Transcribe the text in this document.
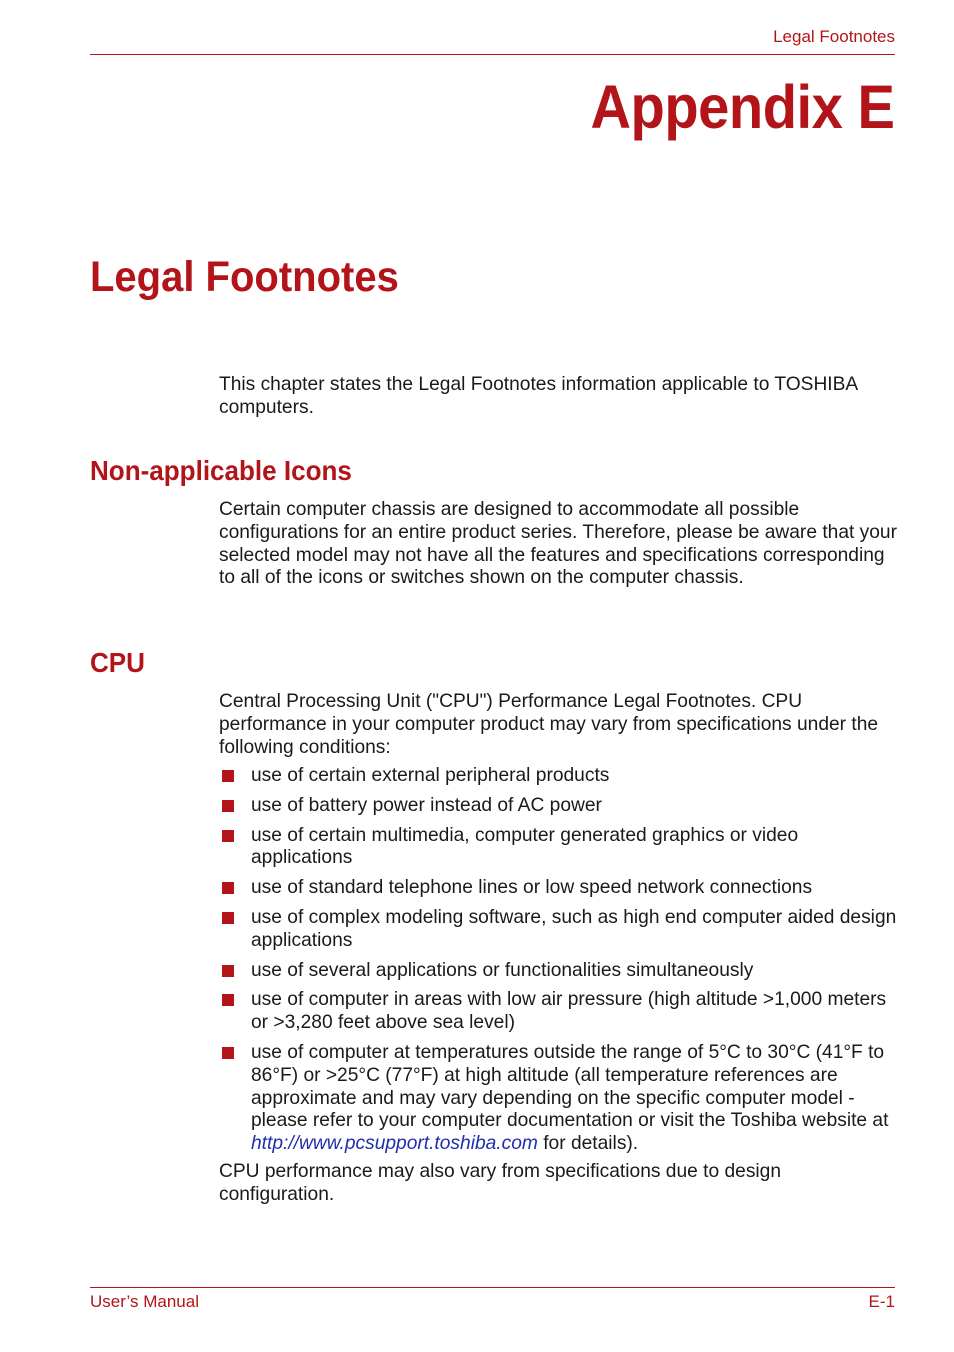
Legal Footnotes
Appendix E
Legal Footnotes
This chapter states the Legal Footnotes information applicable to TOSHIBA computers.
Non-applicable Icons
Certain computer chassis are designed to accommodate all possible configurations for an entire product series. Therefore, please be aware that your selected model may not have all the features and specifications corresponding to all of the icons or switches shown on the computer chassis.
CPU
Central Processing Unit ("CPU") Performance Legal Footnotes. CPU performance in your computer product may vary from specifications under the following conditions:
use of certain external peripheral products
use of battery power instead of AC power
use of certain multimedia, computer generated graphics or video applications
use of standard telephone lines or low speed network connections
use of complex modeling software, such as high end computer aided design applications
use of several applications or functionalities simultaneously
use of computer in areas with low air pressure (high altitude >1,000 meters or >3,280 feet above sea level)
use of computer at temperatures outside the range of 5°C to 30°C (41°F to 86°F) or >25°C (77°F) at high altitude (all temperature references are approximate and may vary depending on the specific computer model - please refer to your computer documentation or visit the Toshiba website at http://www.pcsupport.toshiba.com for details).
CPU performance may also vary from specifications due to design configuration.
User’s Manual	E-1
